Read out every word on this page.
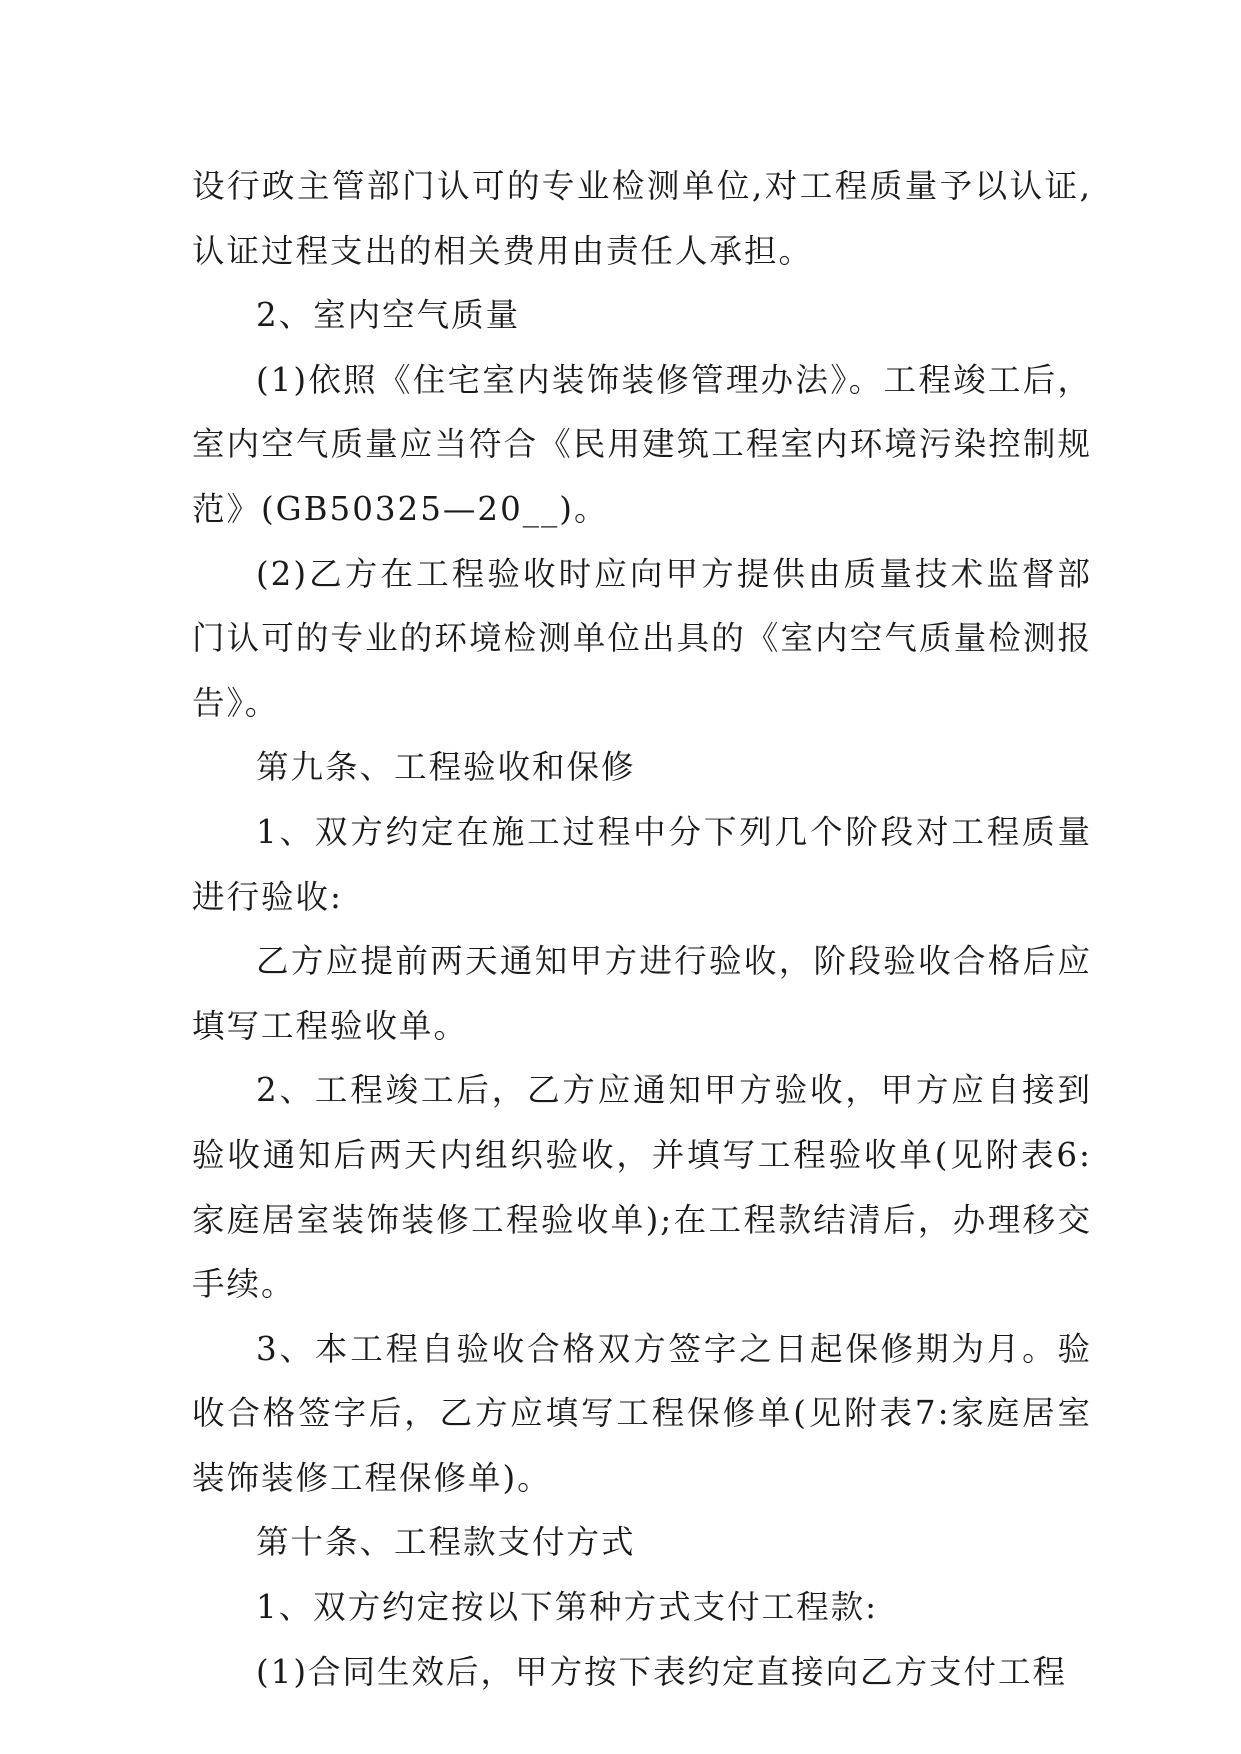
设行政主管部门认可的专业检测单位,对工程质量予以认证,认证过程支出的相关费用由责任人承担。

2、室内空气质量

(1)依照《住宅室内装饰装修管理办法》。工程竣工后，室内空气质量应当符合《民用建筑工程室内环境污染控制规范》(GB50325—20__)。

(2)乙方在工程验收时应向甲方提供由质量技术监督部门认可的专业的环境检测单位出具的《室内空气质量检测报告》。

第九条、工程验收和保修

1、双方约定在施工过程中分下列几个阶段对工程质量进行验收:

乙方应提前两天通知甲方进行验收，阶段验收合格后应填写工程验收单。

2、工程竣工后，乙方应通知甲方验收，甲方应自接到验收通知后两天内组织验收，并填写工程验收单(见附表6:家庭居室装饰装修工程验收单);在工程款结清后，办理移交手续。

3、本工程自验收合格双方签字之日起保修期为月。验收合格签字后，乙方应填写工程保修单(见附表7:家庭居室装饰装修工程保修单)。

第十条、工程款支付方式

1、双方约定按以下第种方式支付工程款:

(1)合同生效后，甲方按下表约定直接向乙方支付工程
